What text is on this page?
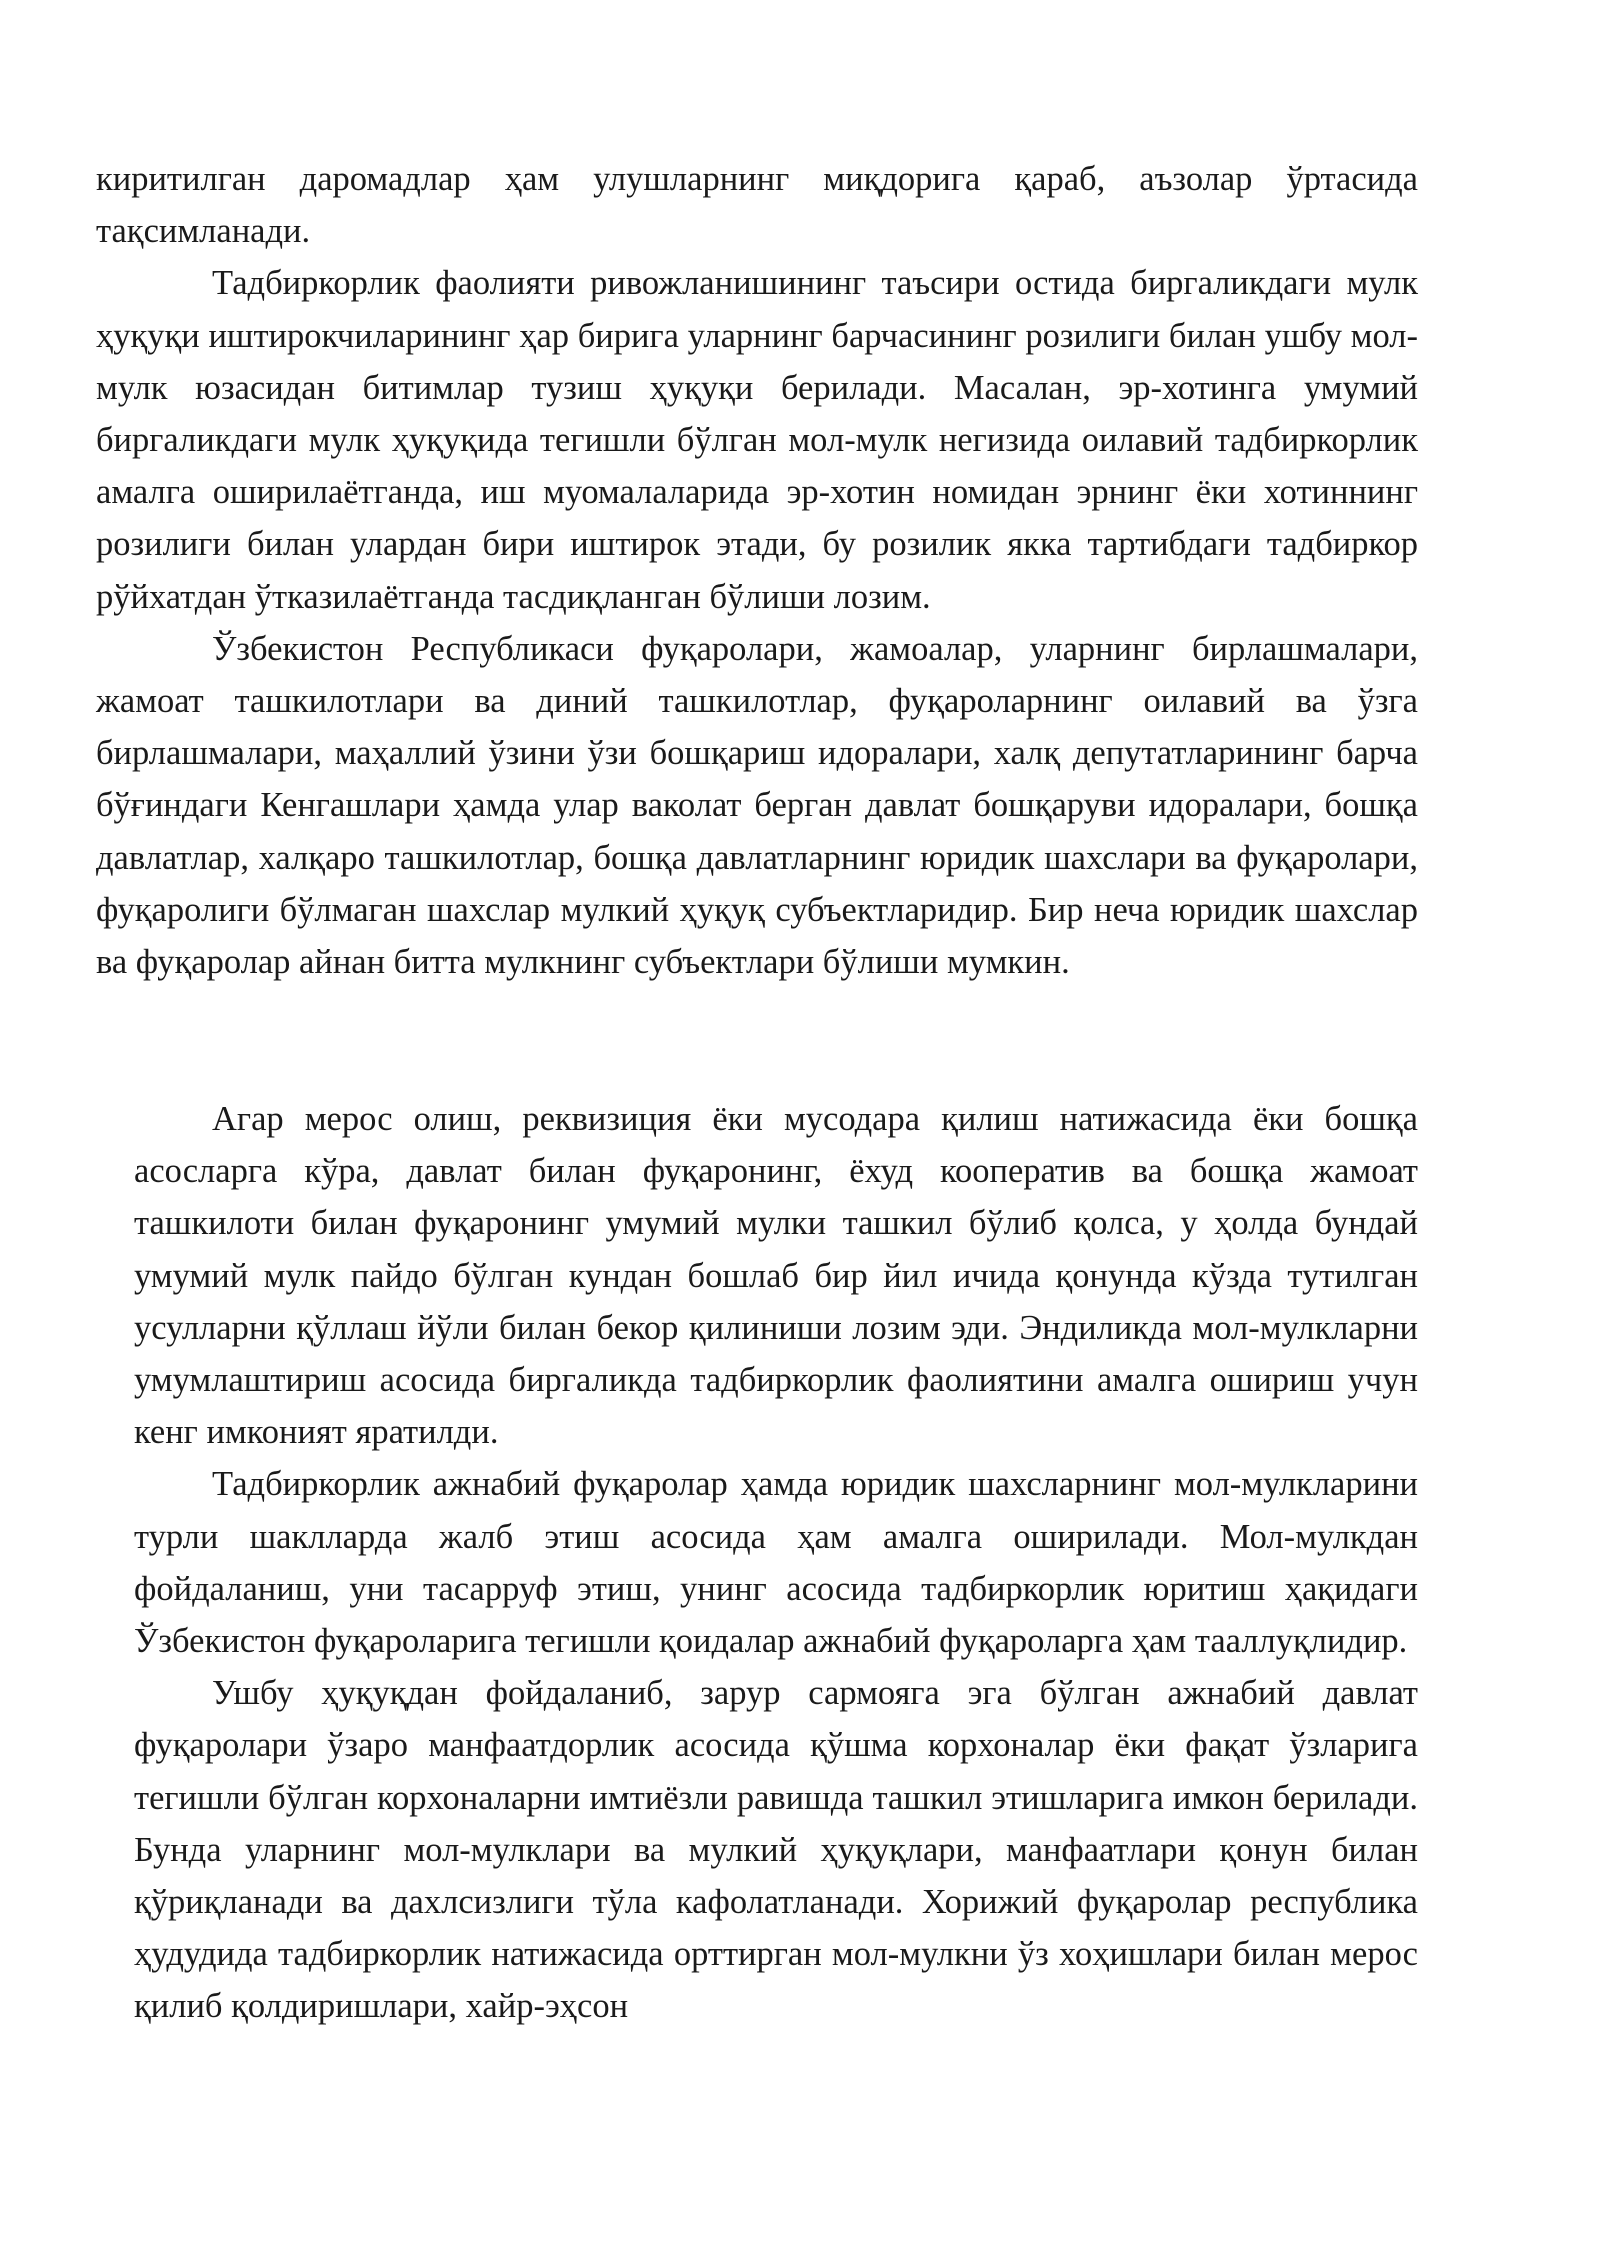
киритилган даромадлар ҳам улушларнинг миқдорига қараб, аъзолар ўртасида тақсимланади.

Тадбиркорлик фаолияти ривожланишининг таъсири остида биргаликдаги мулк ҳуқуқи иштирокчиларининг ҳар бирига уларнинг барчасининг розилиги билан ушбу мол-мулк юзасидан битимлар тузиш ҳуқуқи берилади. Масалан, эр-хотинга умумий биргаликдаги мулк ҳуқуқида тегишли бўлган мол-мулк негизида оилавий тадбиркорлик амалга оширилаётганда, иш муомалаларида эр-хотин номидан эрнинг ёки хотиннинг розилиги билан улардан бири иштирок этади, бу розилик якка тартибдаги тадбиркор рўйхатдан ўтказилаётганда тасдиқланган бўлиши лозим.

Ўзбекистон Республикаси фуқаролари, жамоалар, уларнинг бирлашмалари, жамоат ташкилотлари ва диний ташкилотлар, фуқароларнинг оилавий ва ўзга бирлашмалари, маҳаллий ўзини ўзи бошқариш идоралари, халқ депутатларининг барча бўғиндаги Кенгашлари ҳамда улар ваколат берган давлат бошқаруви идоралари, бошқа давлатлар, халқаро ташкилотлар, бошқа давлатларнинг юридик шахслари ва фуқаролари, фуқаролиги бўлмаган шахслар мулкий ҳуқуқ субъектларидир. Бир неча юридик шахслар ва фуқаролар айнан битта мулкнинг субъектлари бўлиши мумкин.

Агар мерос олиш, реквизиция ёки мусодара қилиш натижасида ёки бошқа асосларга кўра, давлат билан фуқаронинг, ёхуд кооператив ва бошқа жамоат ташкилоти билан фуқаронинг умумий мулки ташкил бўлиб қолса, у ҳолда бундай умумий мулк пайдо бўлган кундан бошлаб бир йил ичида қонунда кўзда тутилган усулларни қўллаш йўли билан бекор қилиниши лозим эди. Эндиликда мол-мулкларни умумлаштириш асосида биргаликда тадбиркорлик фаолиятини амалга ошириш учун кенг имконият яратилди.

Тадбиркорлик ажнабий фуқаролар ҳамда юридик шахсларнинг мол-мулкларини турли шаклларда жалб этиш асосида ҳам амалга оширилади. Мол-мулкдан фойдаланиш, уни тасарруф этиш, унинг асосида тадбиркорлик юритиш ҳақидаги Ўзбекистон фуқароларига тегишли қоидалар ажнабий фуқароларга ҳам тааллуқлидир.

Ушбу ҳуқуқдан фойдаланиб, зарур сармояга эга бўлган ажнабий давлат фуқаролари ўзаро манфаатдорлик асосида қўшма корхоналар ёки фақат ўзларига тегишли бўлган корхоналарни имтиёзли равишда ташкил этишларига имкон берилади. Бунда уларнинг мол-мулклари ва мулкий ҳуқуқлари, манфаатлари қонун билан қўриқланади ва дахлсизлиги тўла кафолатланади. Хорижий фуқаролар республика ҳудудида тадбиркорлик натижасида орттирган мол-мулкни ўз хоҳишлари билан мерос қилиб қолдиришлари, хайр-эҳсон
